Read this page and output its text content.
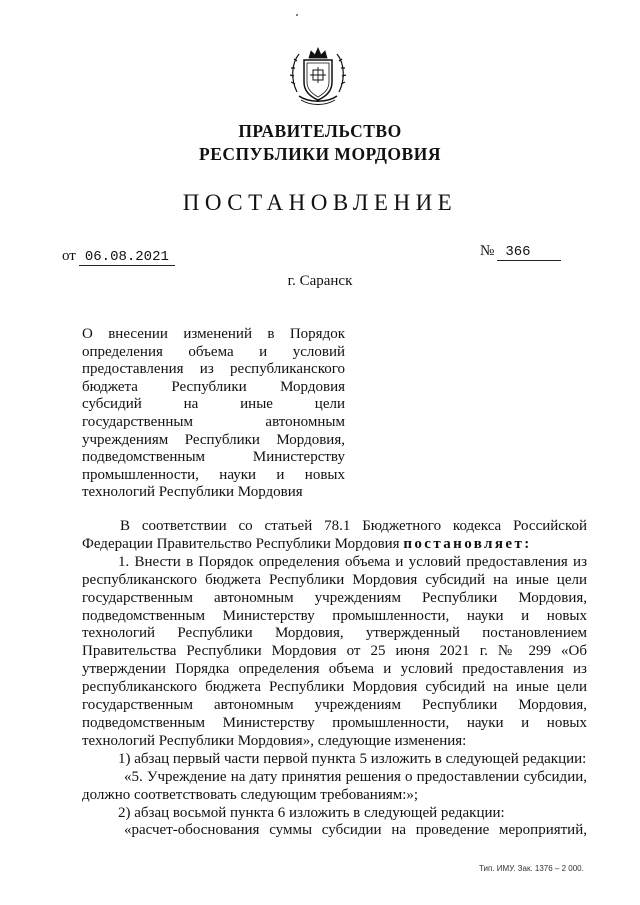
ПРАВИТЕЛЬСТВО
РЕСПУБЛИКИ МОРДОВИЯ
ПОСТАНОВЛЕНИЕ
от 06.08.2021	№ 366
г. Саранск
О внесении изменений в Порядок
определения объема и условий
предоставления из республиканского
бюджета Республики Мордовия
субсидий на иные цели
государственным автономным
учреждениям Республики Мордовия,
подведомственным Министерству
промышленности, науки и новых
технологий Республики Мордовия
В соответствии со статьей 78.1 Бюджетного кодекса Российской
Федерации Правительство Республики Мордовия постановляет:
1. Внести в Порядок определения объема и условий предоставления из
республиканского бюджета Республики Мордовия субсидий на иные цели
государственным автономным учреждениям Республики Мордовия,
подведомственным Министерству промышленности, науки и новых
технологий Республики Мордовия, утвержденный постановлением
Правительства Республики Мордовия от 25 июня 2021 г. № 299 «Об
утверждении Порядка определения объема и условий предоставления из
республиканского бюджета Республики Мордовия субсидий на иные цели
государственным автономным учреждениям Республики Мордовия,
подведомственным Министерству промышленности, науки и новых
технологий Республики Мордовия», следующие изменения:
1) абзац первый части первой пункта 5 изложить в следующей редакции:
«5. Учреждение на дату принятия решения о предоставлении субсидии,
должно соответствовать следующим требованиям:»;
2) абзац восьмой пункта 6 изложить в следующей редакции:
«расчет-обоснования суммы субсидии на проведение мероприятий,
Тип. ИМУ. Зак. 1376 – 2 000.
